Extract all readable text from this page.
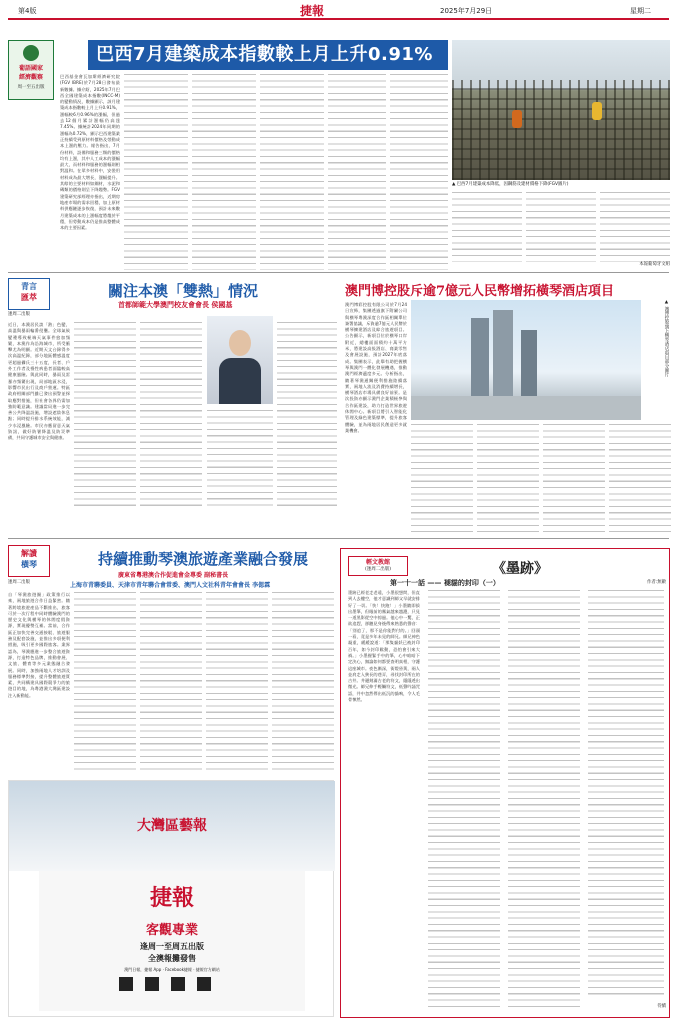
第4版	捷報	2025年7月29日	星期二
葡語國家
經濟觀察
周一至五出版
巴西7月建築成本指數較上月上升0.91%
巴西基金會瓦加斯經濟研究院(FGV IBRE)於7月28日發布最新數據。據介紹，2025年7月巴西全國建築成本指數(INCC-M)的變動情況，數據顯示，該月建築成本指數較上月上升0.91%，漲幅較6月0.96%的漲幅，但過去12個月累計漲幅仍高達7.45%。據統計2024年同期的漲幅為0.72%，顯示巴西建築業正持續受到原材料價格及勞動成本上漲的壓力。報告指出，7月份材料，設備和服務三類的價格均有上漲，其中人工成本的漲幅最大，而材料和服務的漲幅則相對溫和。在眾多材料中，安裝用材料成為最大增長，漲幅提升。其餘的主要材料如鋼材，水泥和磚類的價格則呈下降趨勢。FGV建築研究部經理亦指出，近期房地產市場的需求回穩，加上原材料供應鏈逐步恢復，預計未來數月建築成本的上漲幅度將趨於平穩，但勞動成本仍是推高整體成本的主要因素。
▲ 巴西7月建築成本降低，因鋼筋及建材價格下降(FGV圖片)
本報葡萄牙文組
青言
匯萃
逢周二出版
關注本澳「雙熱」情況
首都師範大學澳門校友會會長 侯國基
近日，本澳居民談「熱」色變，高溫與暴雨輪番侵襲。全球氣候變遷導致極端天氣事件愈加頻繁，本澳作為沿海城市，所受衝擊尤為明顯。近期天文台錄得多次高溫紀錄，部分地區體感溫度更超過攝氏三十五度，長者、戶外工作者及慢性病患者面臨較高健康風險。與此同時，暴雨及雷暴亦頻繁出現，局部地區水浸，影響市民出行及商戶營運。特區政府相關部門雖已發出預警並採取應對措施，但社會各界仍需加強防範意識。建議當局進一步完善公共降溫設施，增設遮陰休息點；同時提升排水系統效能，減少水浸風險。市民亦應留意天氣資訊，做好防暑降溫及防災準備，共同守護城市安全與健康。
澳門博控股斥逾7億元人民幣增拓橫琴酒店項目
澳門博彩控股有限公司於7月24日宣佈，集團透過旗下附屬公司與橫琴粵澳深度合作區相關單位簽署協議，斥資逾7億元人民幣於橫琴擴建酒店及綜合旅遊項目。公告顯示，新項目位於橫琴口岸附近，總樓面面積約十萬平方米，將建設高級酒店、商業零售及會展設施，預計2027年底落成。集團表示，此舉有助把握橫琴與澳門一體化發展機遇，推動澳門經濟適度多元。分析指出，隨著琴澳通關便利措施陸續落實，兩地人流及消費持續增長，橫琴酒店市場具備良好前景。是次投資亦顯示澳門企業積極參與合作區建設，助力打造世界旅遊休閒中心。新項目將引入智能化管理及綠色建築標準，提升旅客體驗，並為兩地居民創造更多就業機會。
▲ 澳博控股旗下橫琴酒店項目部分圖片
解讀
橫琴
逢周二出版
持續推動琴澳旅遊產業融合發展
廣東省粵港澳合作促進會金專委 副秘書長
上海市青聯委員、天津市青年聯合會常委、澳門人文社科青年會會長 李偲霖
自「琴澳旅遊圈」政策推行以來，兩地旅遊合作日益緊密。隨著跨境旅遊產品不斷推出，旅客可於一次行程中同時體驗澳門的歷史文化與橫琴的休閒度假資源，實現優勢互補。當前，合作區正加快完善交通接駁、旅遊服務及配套設施，並推出多項便利措施，吸引更多國際旅客。業界認為，琴澳應進一步整合旅遊資源，打造特色品牌，推動會展、文旅、體育等多元業態融合發展。同時，加強兩地人才培訓及服務標準對接，提升整體旅遊質素，共同構建具國際競爭力的旅遊目的地，為粵港澳大灣區建設注入新動能。
大灣區藝報
捷報
客觀專業
逢周一至周五出版
全澳報攤發售
澳門日報，捷報 App · Facebook捷報 · 捷報官方網站
輕文教館
(逢周二出版)	《墨跡》
第一十一話 —— 褪貓的封印（一）	作者:無敵
墨跡已經老走老遠，小墨很想問，但直到人去樓空，他才意識到師父早就安排好了一切。「快！快跑！」小墨隨即拔出墨筆，但眼前的霧氣越來越濃，只見一道黑影從空中掠過。他心中一驚，正欲追趕，卻聽見身後傳來熟悉的聲音：「別追了，那不是你能對付的。」回頭一看，竟是多年未見的師兄。師兄神色凝重，緩緩說道：「那隻貓妖已被封印百年，如今封印鬆動，恐怕會引來大禍。」小墨握緊手中的筆，心中暗暗下定決心，無論如何都要查明真相，守護這座城市。夜色漸深，街燈昏黃，兩人並肩走入狹長的巷弄，尋找封印所在的古井。井邊刻滿古老的符文，隱隱透出微光。師兄伸手輕觸符文，低聲吟誦咒語，井中忽然傳出低沉的貓鳴，令人毛骨悚然。
待續
